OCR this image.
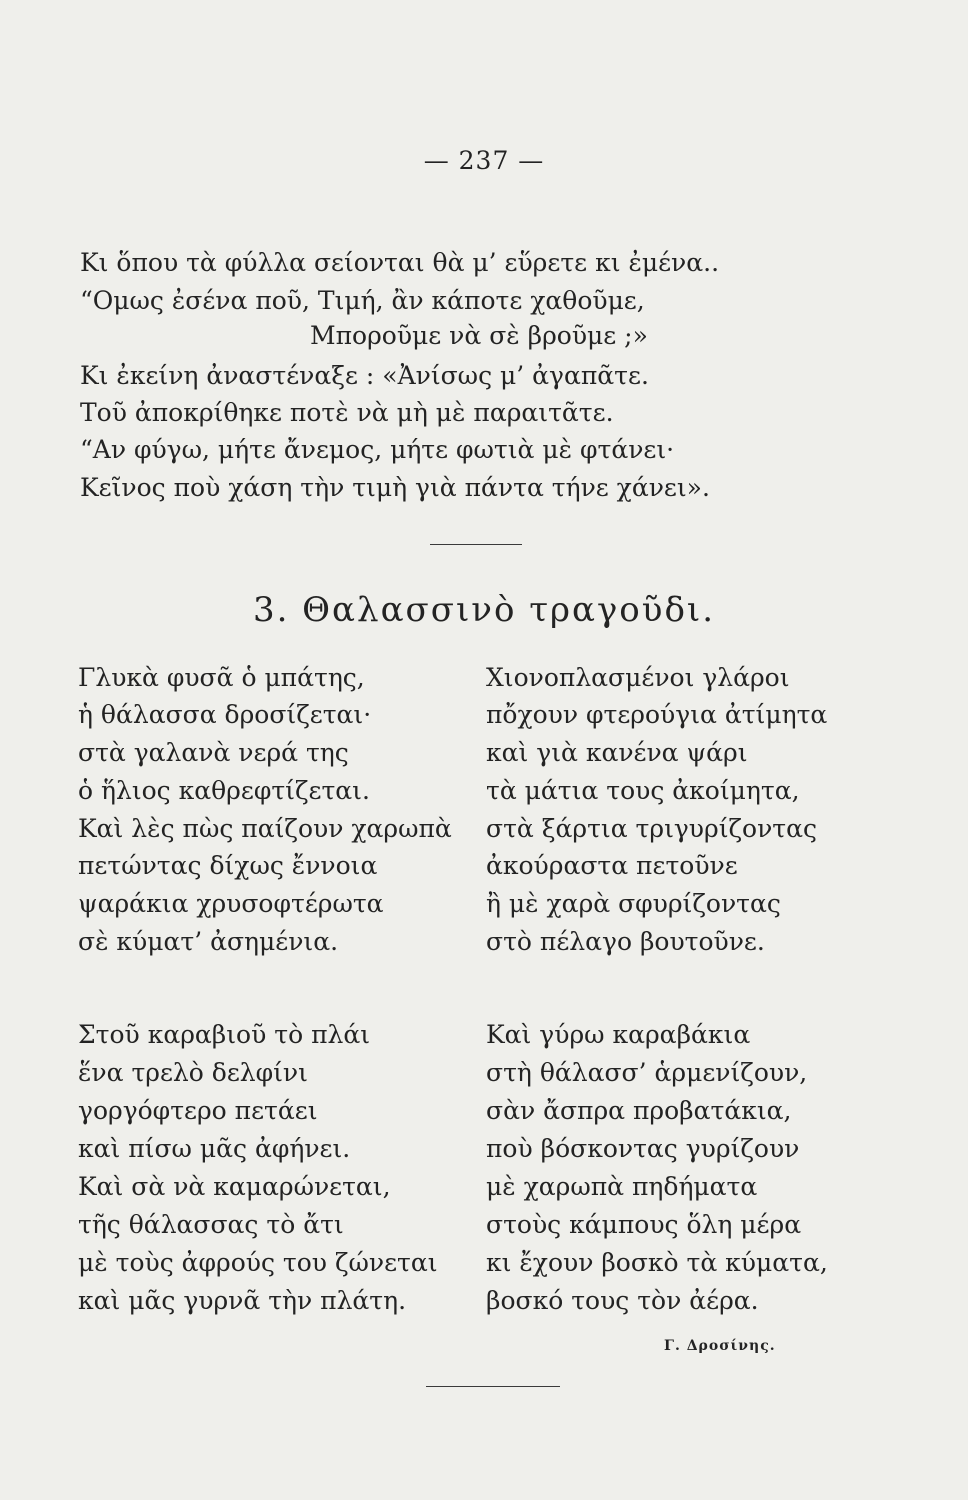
— 237 —
Κι ὅπου τὰ φύλλα σείονται θὰ μ’ εὕρετε κι ἐμένα..
“Ομως ἐσένα ποῦ, Τιμή, ἂν κάποτε χαθοῦμε,
Μποροῦμε νὰ σὲ βροῦμε ;»
Κι ἐκείνη ἀναστέναξε : «Ἀνίσως μ’ ἀγαπᾶτε.
Τοῦ ἀποκρίθηκε ποτὲ νὰ μὴ μὲ παραιτᾶτε.
“Αν φύγω, μήτε ἄνεμος, μήτε φωτιὰ μὲ φτάνει·
Κεῖνος ποὺ χάση τὴν τιμὴ γιὰ πάντα τήνε χάνει».
3. Θαλασσινὸ τραγοῦδι.
Γλυκὰ φυσᾶ ὁ μπάτης,
ἡ θάλασσα δροσίζεται·
στὰ γαλανὰ νερά της
ὁ ἥλιος καθρεφτίζεται.
Καὶ λὲς πὼς παίζουν χαρωπὰ
πετώντας δίχως ἔννοια
ψαράκια χρυσοφτέρωτα
σὲ κύματ’ ἀσημένια.
Στοῦ καραβιοῦ τὸ πλάι
ἕνα τρελὸ δελφίνι
γοργόφτερο πετάει
καὶ πίσω μᾶς ἀφήνει.
Καὶ σὰ νὰ καμαρώνεται,
τῆς θάλασσας τὸ ἄτι
μὲ τοὺς ἀφρούς του ζώνεται
καὶ μᾶς γυρνᾶ τὴν πλάτη.
Χιονοπλασμένοι γλάροι
πὄχουν φτερούγια ἀτίμητα
καὶ γιὰ κανένα ψάρι
τὰ μάτια τους ἀκοίμητα,
στὰ ξάρτια τριγυρίζοντας
ἀκούραστα πετοῦνε
ἢ μὲ χαρὰ σφυρίζοντας
στὸ πέλαγο βουτοῦνε.
Καὶ γύρω καραβάκια
στὴ θάλασσ’ ἁρμενίζουν,
σὰν ἄσπρα προβατάκια,
ποὺ βόσκοντας γυρίζουν
μὲ χαρωπὰ πηδήματα
στοὺς κάμπους ὅλη μέρα
κι ἔχουν βοσκὸ τὰ κύματα,
βοσκό τους τὸν ἀέρα.
Γ. Δροσίνης.
